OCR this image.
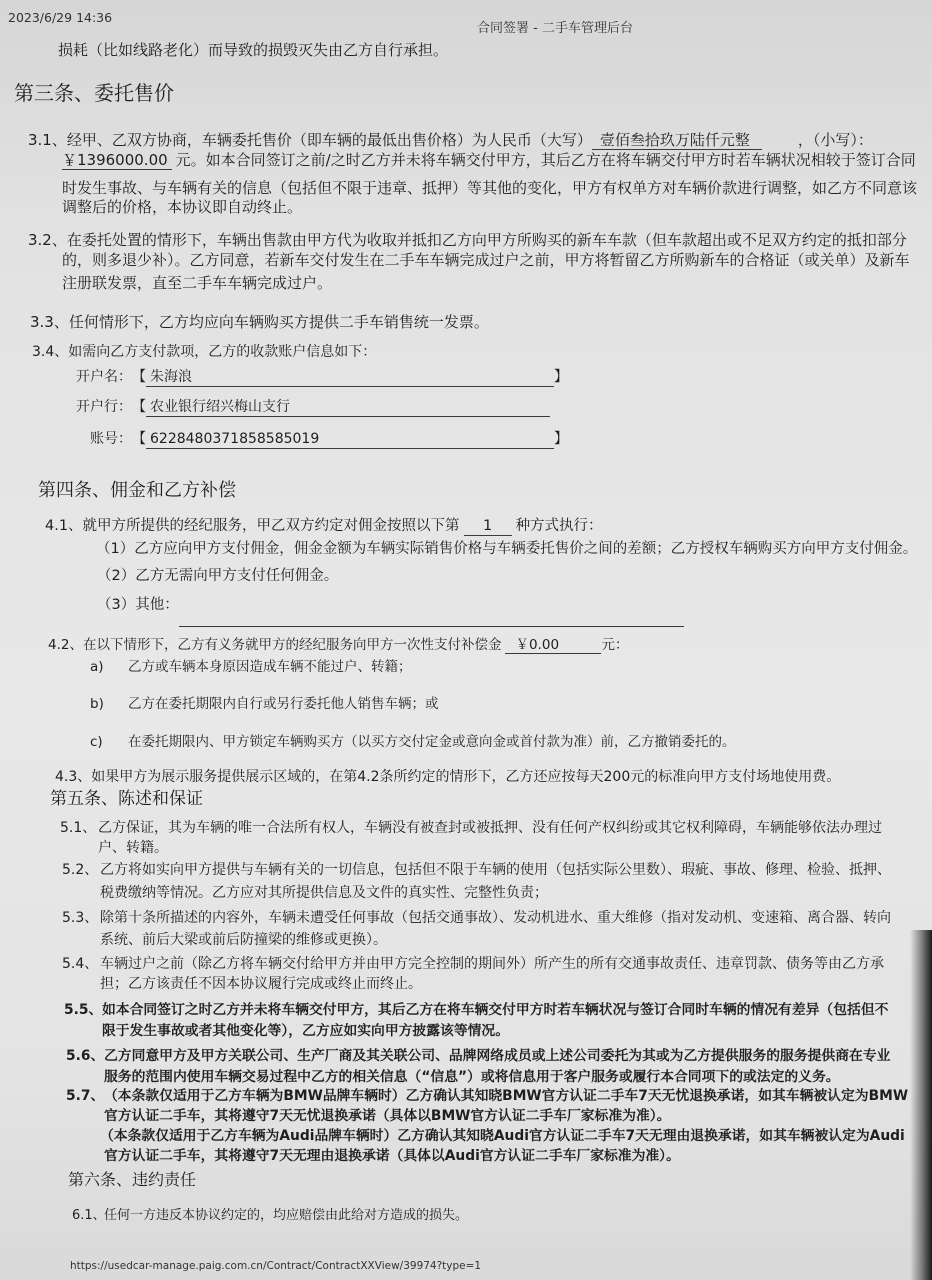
2023/6/29 14:36
合同签署 - 二手车管理后台
损耗（比如线路老化）而导致的损毁灭失由乙方自行承担。
第三条、委托售价
3.1、经甲、乙双方协商，车辆委托售价（即车辆的最低出售价格）为人民币（大写） 壹佰叁拾玖万陆仟元整	，（小写）：
￥1396000.00 元。如本合同签订之前/之时乙方并未将车辆交付甲方，其后乙方在将车辆交付甲方时若车辆状况相较于签订合同
时发生事故、与车辆有关的信息（包括但不限于违章、抵押）等其他的变化，甲方有权单方对车辆价款进行调整，如乙方不同意该
调整后的价格，本协议即自动终止。
3.2、在委托处置的情形下，车辆出售款由甲方代为收取并抵扣乙方向甲方所购买的新车车款（但车款超出或不足双方约定的抵扣部分
的，则多退少补）。乙方同意，若新车交付发生在二手车车辆完成过户之前，甲方将暂留乙方所购新车的合格证（或关单）及新车
注册联发票，直至二手车车辆完成过户。
3.3、任何情形下，乙方均应向车辆购买方提供二手车销售统一发票。
3.4、如需向乙方支付款项，乙方的收款账户信息如下：
开户名：【 朱海浪	】
开户行：【 农业银行绍兴梅山支行
账号：【 6228480371858585019	】
第四条、佣金和乙方补偿
4.1、就甲方所提供的经纪服务，甲乙双方约定对佣金按照以下第 1 种方式执行：
（1）乙方应向甲方支付佣金，佣金金额为车辆实际销售价格与车辆委托售价之间的差额；乙方授权车辆购买方向甲方支付佣金。
（2）乙方无需向甲方支付任何佣金。
（3）其他：
4.2、在以下情形下，乙方有义务就甲方的经纪服务向甲方一次性支付补偿金 ￥0.00	元：
a) 乙方或车辆本身原因造成车辆不能过户、转籍；
b) 乙方在委托期限内自行或另行委托他人销售车辆；或
c) 在委托期限内、甲方锁定车辆购买方（以买方交付定金或意向金或首付款为准）前，乙方撤销委托的。
4.3、如果甲方为展示服务提供展示区域的，在第4.2条所约定的情形下，乙方还应按每天200元的标准向甲方支付场地使用费。
第五条、陈述和保证
5.1、 乙方保证，其为车辆的唯一合法所有权人，车辆没有被查封或被抵押、没有任何产权纠纷或其它权利障碍，车辆能够依法办理过
户、转籍。
5.2、 乙方将如实向甲方提供与车辆有关的一切信息，包括但不限于车辆的使用（包括实际公里数）、瑕疵、事故、修理、检验、抵押、
税费缴纳等情况。乙方应对其所提供信息及文件的真实性、完整性负责；
5.3、 除第十条所描述的内容外，车辆未遭受任何事故（包括交通事故）、发动机进水、重大维修（指对发动机、变速箱、离合器、转向
系统、前后大梁或前后防撞梁的维修或更换）。
5.4、 车辆过户之前（除乙方将车辆交付给甲方并由甲方完全控制的期间外）所产生的所有交通事故责任、违章罚款、债务等由乙方承
担；乙方该责任不因本协议履行完成或终止而终止。
5.5、如本合同签订之时乙方并未将车辆交付甲方，其后乙方在将车辆交付甲方时若车辆状况与签订合同时车辆的情况有差异（包括但不
限于发生事故或者其他变化等），乙方应如实向甲方披露该等情况。
5.6、乙方同意甲方及甲方关联公司、生产厂商及其关联公司、品牌网络成员或上述公司委托为其或为乙方提供服务的服务提供商在专业
服务的范围内使用车辆交易过程中乙方的相关信息（“信息”）或将信息用于客户服务或履行本合同项下的或法定的义务。
5.7、（本条款仅适用于乙方车辆为BMW品牌车辆时）乙方确认其知晓BMW官方认证二手车7天无忧退换承诺，如其车辆被认定为BMW
官方认证二手车，其将遵守7天无忧退换承诺（具体以BMW官方认证二手车厂家标准为准）。
（本条款仅适用于乙方车辆为Audi品牌车辆时）乙方确认其知晓Audi官方认证二手车7天无理由退换承诺，如其车辆被认定为Audi
官方认证二手车，其将遵守7天无理由退换承诺（具体以Audi官方认证二手车厂家标准为准）。
第六条、违约责任
6.1、任何一方违反本协议约定的，均应赔偿由此给对方造成的损失。
https://usedcar-manage.paig.com.cn/Contract/ContractXXView/39974?type=1
